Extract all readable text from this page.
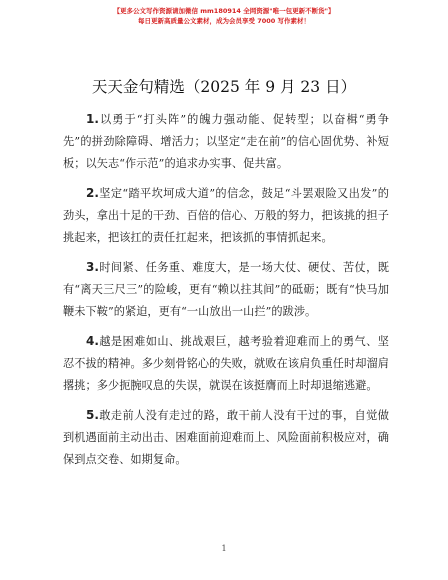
【更多公文写作资源请加微信 mm180914 全网资源"唯一包更新不断货"】
每日更新高质量公文素材，成为会员享受 7000 写作素材！
天天金句精选（2025 年 9 月 23 日）

1.以勇于“打头阵”的魄力强动能、促转型；以奋楫“勇争先”的拼劲除障碍、增活力；以坚定“走在前”的信心固优势、补短板；以矢志“作示范”的追求办实事、促共富。

2.坚定“踏平坎坷成大道”的信念，鼓足“斗罢艰险又出发”的劲头，拿出十足的干劲、百倍的信心、万般的努力，把该挑的担子挑起来，把该扛的责任扛起来，把该抓的事情抓起来。

3.时间紧、任务重、难度大，是一场大仗、硬仗、苦仗，既有“离天三尺三”的险峻，更有“赖以拄其间”的砥砺；既有“快马加鞭未下鞍”的紧迫，更有“一山放出一山拦”的跋涉。

4.越是困难如山、挑战艰巨，越考验着迎难而上的勇气、坚忍不拔的精神。多少刻骨铭心的失败，就败在该肩负重任时却溜肩撂挑；多少扼腕叹息的失误，就误在该挺膺而上时却退缩逃避。

5.敢走前人没有走过的路，敢干前人没有干过的事，自觉做到机遇面前主动出击、困难面前迎难而上、风险面前积极应对，确保到点交卷、如期复命。

1
